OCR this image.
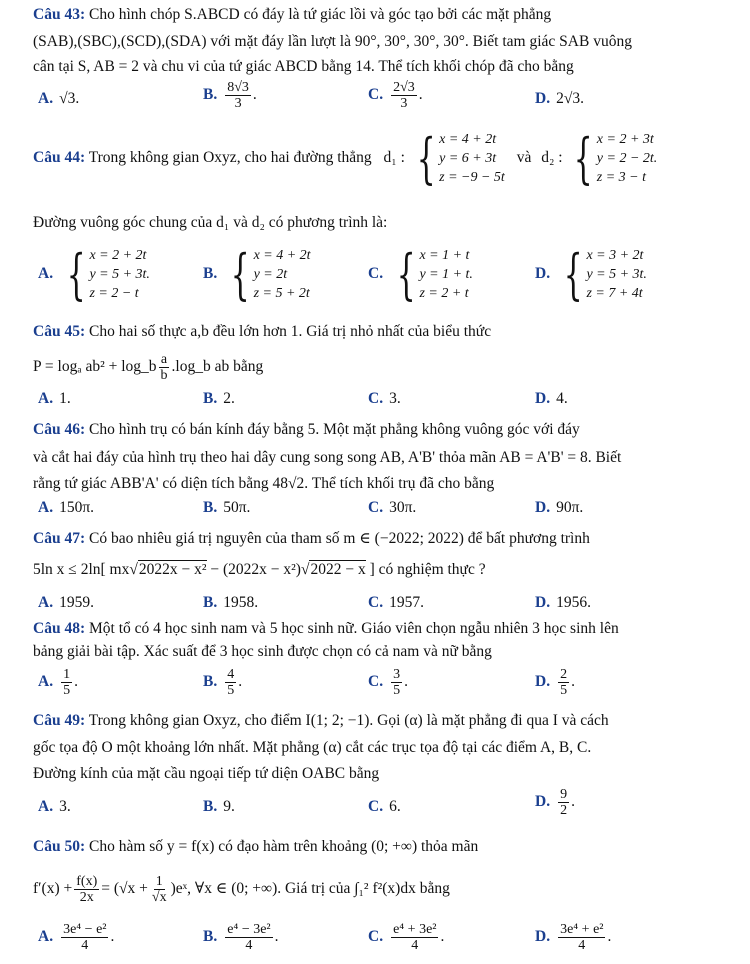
Câu 43: Cho hình chóp S.ABCD có đáy là tứ giác lồi và góc tạo bởi các mặt phẳng
(SAB),(SBC),(SCD),(SDA) với mặt đáy lần lượt là 90°, 30°, 30°, 30°. Biết tam giác SAB vuông
cân tại S, AB = 2 và chu vi của tứ giác ABCD bằng 14. Thể tích khối chóp đã cho bằng
A. √3.	B. $\frac{8√3}{3}$ .	C. $\frac{2√3}{3}$ .	D. 2√3.
Câu 44: Trong không gian Oxyz, cho hai đường thẳng d₁ : { x = 4 + 2t
y = 6 + 3t
z = −9 − 5t
và d₂ : { x = 2 + 3t
y = 2 − 2t.
z = 3 − t
Đường vuông góc chung của d₁ và d₂ có phương trình là:
A. { x = 2 + 2t
y = 5 + 3t.
z = 2 − t
B. { x = 4 + 2t
y = 2t
z = 5 + 2t
C. { x = 1 + t
y = 1 + t.
z = 2 + t
D. { x = 3 + 2t
y = 5 + 3t.
z = 7 + 4t
Câu 45: Cho hai số thực a,b đều lớn hơn 1. Giá trị nhỏ nhất của biểu thức
P = logₐ ab² + log_b $\frac{a}{b}$ .log_b ab bằng
A. 1.	B. 2.	C. 3.	D. 4.
Câu 46: Cho hình trụ có bán kính đáy bằng 5. Một mặt phẳng không vuông góc với đáy
và cắt hai đáy của hình trụ theo hai dây cung song song AB, A'B' thỏa mãn AB = A'B' = 8. Biết
rằng tứ giác ABB'A' có diện tích bằng 48√2. Thể tích khối trụ đã cho bằng
A. 150π.	B. 50π.	C. 30π.	D. 90π.
Câu 47: Có bao nhiêu giá trị nguyên của tham số m ∈ (−2022; 2022) để bất phương trình
5ln x ≤ 2ln[ mx√2022x − x² − (2022x − x²)√2022 − x ] có nghiệm thực ?
A. 1959.	B. 1958.	C. 1957.	D. 1956.
Câu 48: Một tổ có 4 học sinh nam và 5 học sinh nữ. Giáo viên chọn ngẫu nhiên 3 học sinh lên
bảng giải bài tập. Xác suất để 3 học sinh được chọn có cả nam và nữ bằng
A. $\frac{1}{5}$ .	B. $\frac{4}{5}$ .	C. $\frac{3}{5}$ .	D. $\frac{2}{5}$ .
Câu 49: Trong không gian Oxyz, cho điểm I(1; 2; −1). Gọi (α) là mặt phẳng đi qua I và cách
gốc tọa độ O một khoảng lớn nhất. Mặt phẳng (α) cắt các trục tọa độ tại các điểm A, B, C.
Đường kính của mặt cầu ngoại tiếp tứ diện OABC bằng
A. 3.	B. 9.	C. 6.	D. $\frac{9}{2}$ .
Câu 50: Cho hàm số y = f(x) có đạo hàm trên khoảng (0; +∞) thỏa mãn
$f'(x) + \frac{f(x)}{2x} = (√x + \frac{1}{√x}$ )eˣ, ∀x ∈ (0; +∞). Giá trị của ∫₁² f²(x)dx bằng
A. $\frac{\text{3e⁴ − e²}}{4}$ .	B. $\frac{\text{e⁴ − 3e²}}{4}$ .	C. $\frac{\text{e⁴ + 3e²}}{4}$ .	D. $\frac{\text{3e⁴ + e²}}{4}$ .
